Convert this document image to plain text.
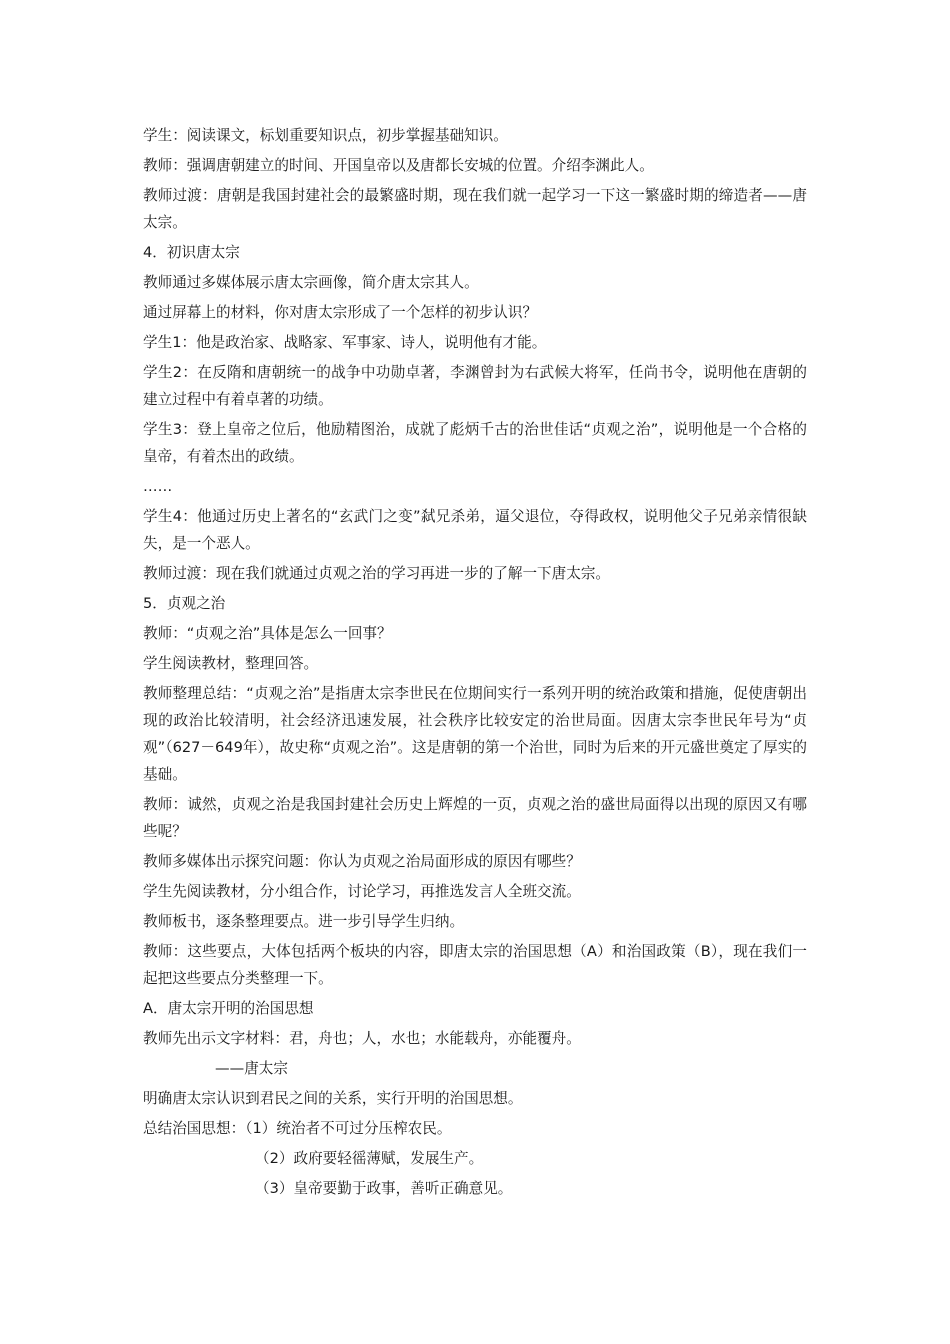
学生：阅读课文，标划重要知识点，初步掌握基础知识。

教师：强调唐朝建立的时间、开国皇帝以及唐都长安城的位置。介绍李渊此人。

教师过渡：唐朝是我国封建社会的最繁盛时期，现在我们就一起学习一下这一繁盛时期的缔造者——唐太宗。

4．初识唐太宗

教师通过多媒体展示唐太宗画像，简介唐太宗其人。

通过屏幕上的材料，你对唐太宗形成了一个怎样的初步认识？

学生1：他是政治家、战略家、军事家、诗人，说明他有才能。

学生2：在反隋和唐朝统一的战争中功勋卓著，李渊曾封为右武候大将军，任尚书令，说明他在唐朝的建立过程中有着卓著的功绩。

学生3：登上皇帝之位后，他励精图治，成就了彪炳千古的治世佳话“贞观之治”，说明他是一个合格的皇帝，有着杰出的政绩。

……

学生4：他通过历史上著名的“玄武门之变”弑兄杀弟，逼父退位，夺得政权，说明他父子兄弟亲情很缺失，是一个恶人。

教师过渡：现在我们就通过贞观之治的学习再进一步的了解一下唐太宗。

5．贞观之治

教师：“贞观之治”具体是怎么一回事？

学生阅读教材，整理回答。

教师整理总结：“贞观之治”是指唐太宗李世民在位期间实行一系列开明的统治政策和措施，促使唐朝出现的政治比较清明，社会经济迅速发展，社会秩序比较安定的治世局面。因唐太宗李世民年号为“贞观”（627－649年），故史称“贞观之治”。这是唐朝的第一个治世，同时为后来的开元盛世奠定了厚实的基础。

教师：诚然，贞观之治是我国封建社会历史上辉煌的一页，贞观之治的盛世局面得以出现的原因又有哪些呢？

教师多媒体出示探究问题：你认为贞观之治局面形成的原因有哪些？

学生先阅读教材，分小组合作，讨论学习，再推选发言人全班交流。

教师板书，逐条整理要点。进一步引导学生归纳。

教师：这些要点，大体包括两个板块的内容，即唐太宗的治国思想（A）和治国政策（B），现在我们一起把这些要点分类整理一下。

A．唐太宗开明的治国思想

教师先出示文字材料：君，舟也；人，水也；水能载舟，亦能覆舟。

——唐太宗

明确唐太宗认识到君民之间的关系，实行开明的治国思想。

总结治国思想：（1）统治者不可过分压榨农民。

（2）政府要轻徭薄赋，发展生产。

（3）皇帝要勤于政事，善听正确意见。
